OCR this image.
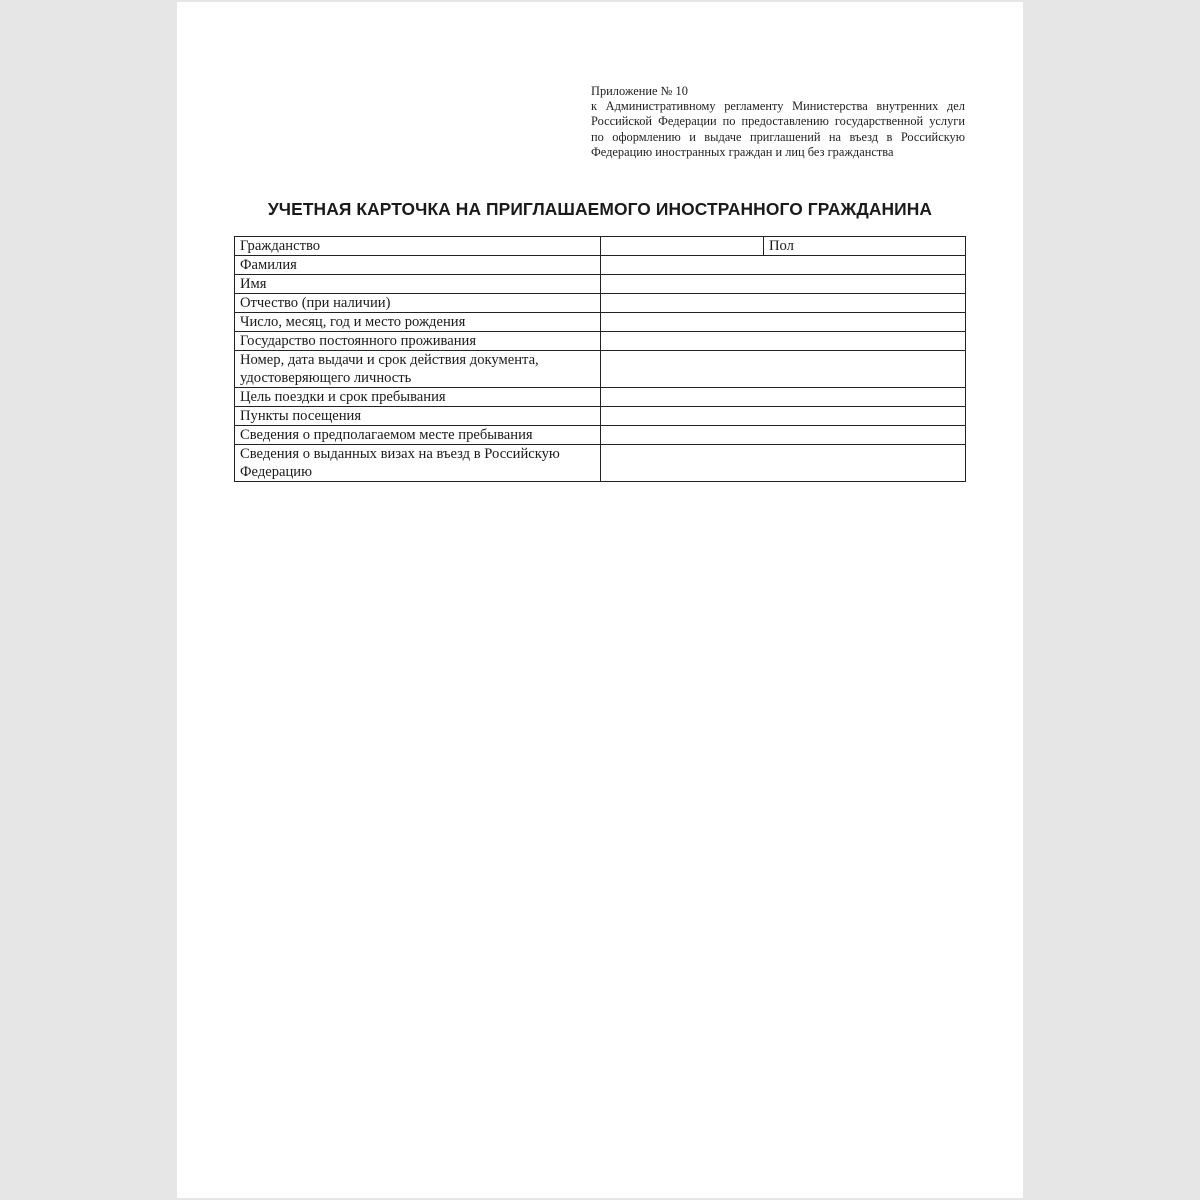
Приложение № 10
к Административному регламенту Министерства внутренних дел Российской Федерации по предоставлению государственной услуги по оформлению и выдаче приглашений на въезд в Российскую Федерацию иностранных граждан и лиц без гражданства
УЧЕТНАЯ КАРТОЧКА НА ПРИГЛАШАЕМОГО ИНОСТРАННОГО ГРАЖДАНИНА
Гражданство		Пол
Фамилия		
Имя		
Отчество (при наличии)		
Число, месяц, год и место рождения		
Государство постоянного проживания		
Номер, дата выдачи и срок действия документа, удостоверяющего личность		
Цель поездки и срок пребывания		
Пункты посещения		
Сведения о предполагаемом месте пребывания		
Сведения о выданных визах на въезд в Российскую Федерацию		
